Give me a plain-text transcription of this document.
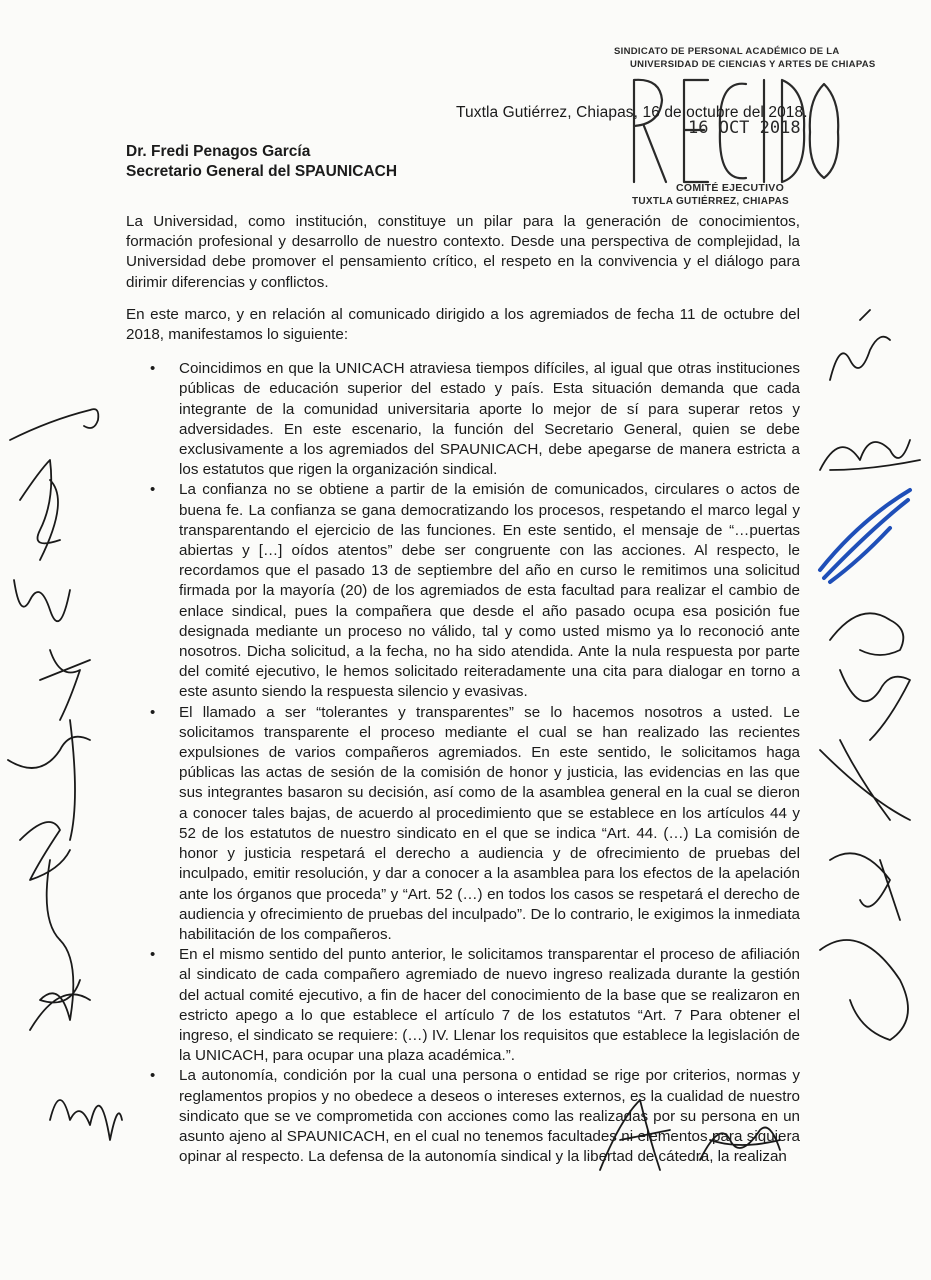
SINDICATO DE PERSONAL ACADÉMICO DE LA
UNIVERSIDAD DE CIENCIAS Y ARTES DE CHIAPAS
COMITÉ EJECUTIVO
TUXTLA GUTIÉRREZ, CHIAPAS
Tuxtla Gutiérrez, Chiapas, 16 de octubre del 2018.
16 OCT 2018
Dr. Fredi Penagos García
Secretario General del SPAUNICACH

La Universidad, como institución, constituye un pilar para la generación de conocimientos, formación profesional y desarrollo de nuestro contexto. Desde una perspectiva de complejidad, la Universidad debe promover el pensamiento crítico, el respeto en la convivencia y el diálogo para dirimir diferencias y conflictos.

En este marco, y en relación al comunicado dirigido a los agremiados de fecha 11 de octubre del 2018, manifestamos lo siguiente:

• Coincidimos en que la UNICACH atraviesa tiempos difíciles, al igual que otras instituciones públicas de educación superior del estado y país. Esta situación demanda que cada integrante de la comunidad universitaria aporte lo mejor de sí para superar retos y adversidades. En este escenario, la función del Secretario General, quien se debe exclusivamente a los agremiados del SPAUNICACH, debe apegarse de manera estricta a los estatutos que rigen la organización sindical.
• La confianza no se obtiene a partir de la emisión de comunicados, circulares o actos de buena fe. La confianza se gana democratizando los procesos, respetando el marco legal y transparentando el ejercicio de las funciones. En este sentido, el mensaje de “…puertas abiertas y […] oídos atentos” debe ser congruente con las acciones. Al respecto, le recordamos que el pasado 13 de septiembre del año en curso le remitimos una solicitud firmada por la mayoría (20) de los agremiados de esta facultad para realizar el cambio de enlace sindical, pues la compañera que desde el año pasado ocupa esa posición fue designada mediante un proceso no válido, tal y como usted mismo ya lo reconoció ante nosotros. Dicha solicitud, a la fecha, no ha sido atendida. Ante la nula respuesta por parte del comité ejecutivo, le hemos solicitado reiteradamente una cita para dialogar en torno a este asunto siendo la respuesta silencio y evasivas.
• El llamado a ser “tolerantes y transparentes” se lo hacemos nosotros a usted. Le solicitamos transparente el proceso mediante el cual se han realizado las recientes expulsiones de varios compañeros agremiados. En este sentido, le solicitamos haga públicas las actas de sesión de la comisión de honor y justicia, las evidencias en las que sus integrantes basaron su decisión, así como de la asamblea general en la cual se dieron a conocer tales bajas, de acuerdo al procedimiento que se establece en los artículos 44 y 52 de los estatutos de nuestro sindicato en el que se indica “Art. 44. (…) La comisión de honor y justicia respetará el derecho a audiencia y de ofrecimiento de pruebas del inculpado, emitir resolución, y dar a conocer a la asamblea para los efectos de la apelación ante los órganos que proceda” y “Art. 52 (…) en todos los casos se respetará el derecho de audiencia y ofrecimiento de pruebas del inculpado”. De lo contrario, le exigimos la inmediata habilitación de los compañeros.
• En el mismo sentido del punto anterior, le solicitamos transparentar el proceso de afiliación al sindicato de cada compañero agremiado de nuevo ingreso realizada durante la gestión del actual comité ejecutivo, a fin de hacer del conocimiento de la base que se realizaron en estricto apego a lo que establece el artículo 7 de los estatutos “Art. 7 Para obtener el ingreso, el sindicato se requiere: (…) IV. Llenar los requisitos que establece la legislación de la UNICACH, para ocupar una plaza académica.”.
• La autonomía, condición por la cual una persona o entidad se rige por criterios, normas y reglamentos propios y no obedece a deseos o intereses externos, es la cualidad de nuestro sindicato que se ve comprometida con acciones como las realizadas por su persona en un asunto ajeno al SPAUNICACH, en el cual no tenemos facultades ni elementos para siquiera opinar al respecto. La defensa de la autonomía sindical y la libertad de cátedra, la realizan
